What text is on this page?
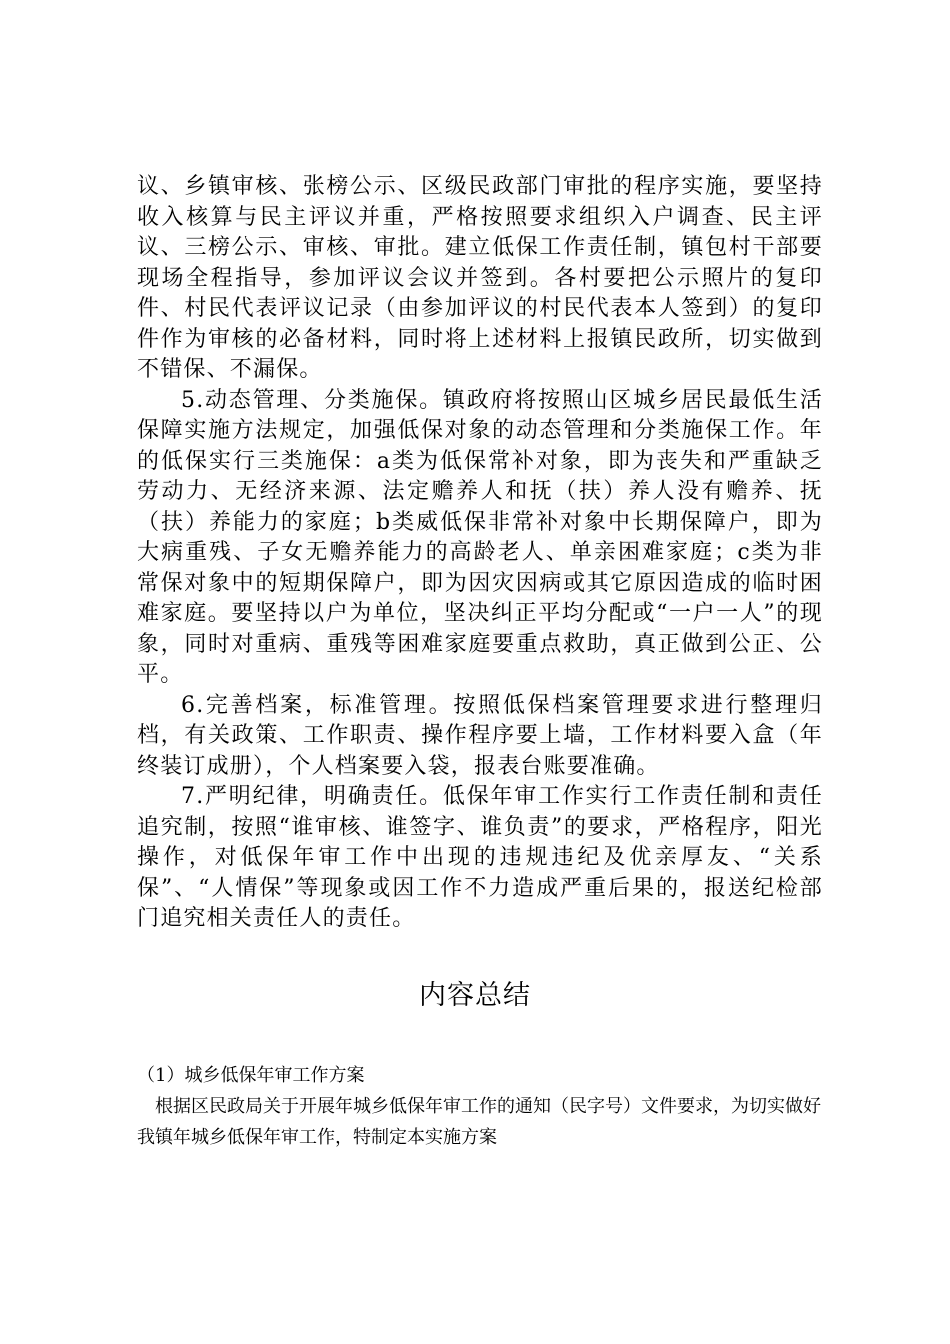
议、乡镇审核、张榜公示、区级民政部门审批的程序实施，要坚持收入核算与民主评议并重，严格按照要求组织入户调查、民主评议、三榜公示、审核、审批。建立低保工作责任制，镇包村干部要现场全程指导，参加评议会议并签到。各村要把公示照片的复印件、村民代表评议记录（由参加评议的村民代表本人签到）的复印件作为审核的必备材料，同时将上述材料上报镇民政所，切实做到不错保、不漏保。

5.动态管理、分类施保。镇政府将按照山区城乡居民最低生活保障实施方法规定，加强低保对象的动态管理和分类施保工作。年的低保实行三类施保：a类为低保常补对象，即为丧失和严重缺乏劳动力、无经济来源、法定赡养人和抚（扶）养人没有赡养、抚（扶）养能力的家庭；b类威低保非常补对象中长期保障户，即为大病重残、子女无赡养能力的高龄老人、单亲困难家庭；c类为非常保对象中的短期保障户，即为因灾因病或其它原因造成的临时困难家庭。要坚持以户为单位，坚决纠正平均分配或“一户一人”的现象，同时对重病、重残等困难家庭要重点救助，真正做到公正、公平。

6.完善档案，标准管理。按照低保档案管理要求进行整理归档，有关政策、工作职责、操作程序要上墙，工作材料要入盒（年终装订成册），个人档案要入袋，报表台账要准确。

7.严明纪律，明确责任。低保年审工作实行工作责任制和责任追究制，按照“谁审核、谁签字、谁负责”的要求，严格程序，阳光操作，对低保年审工作中出现的违规违纪及优亲厚友、“关系保”、“人情保”等现象或因工作不力造成严重后果的，报送纪检部门追究相关责任人的责任。

内容总结

（1）城乡低保年审工作方案

根据区民政局关于开展年城乡低保年审工作的通知（民字号）文件要求，为切实做好我镇年城乡低保年审工作，特制定本实施方案
